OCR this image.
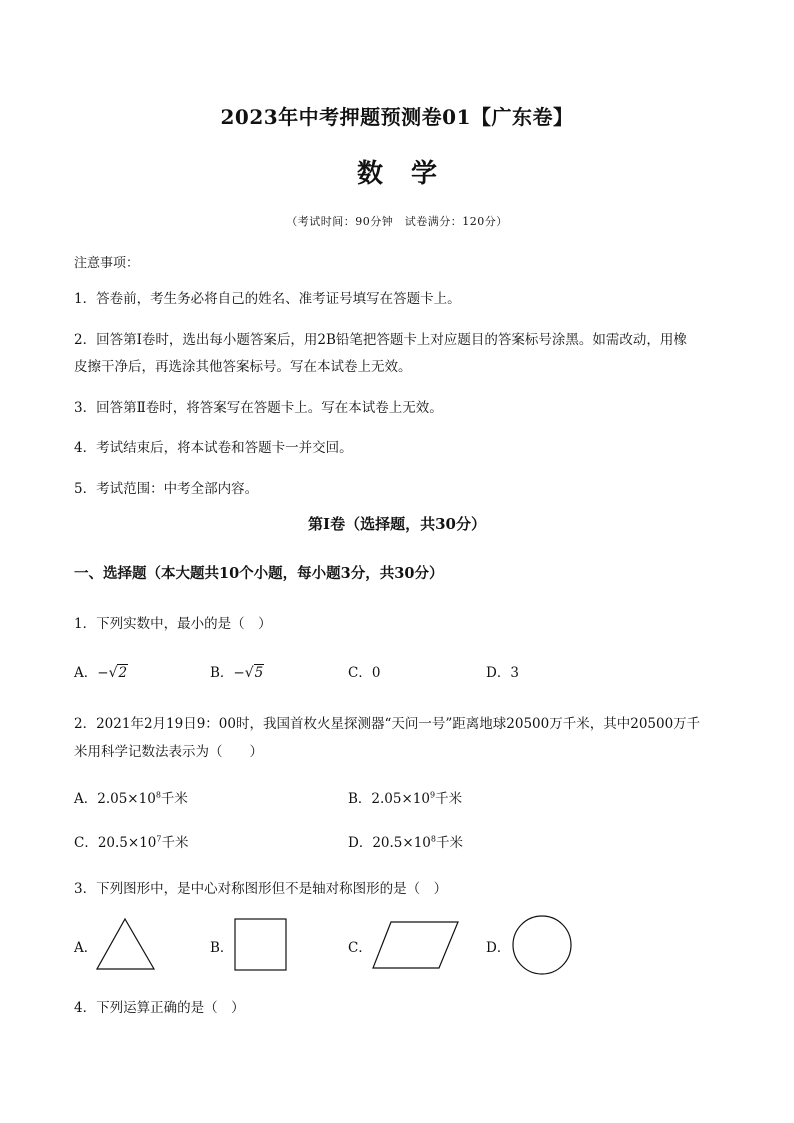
2023年中考押题预测卷01【广东卷】
数学
（考试时间：90分钟　试卷满分：120分）
注意事项：
1．答卷前，考生务必将自己的姓名、准考证号填写在答题卡上。
2．回答第Ⅰ卷时，选出每小题答案后，用2B铅笔把答题卡上对应题目的答案标号涂黑。如需改动，用橡
皮擦干净后，再选涂其他答案标号。写在本试卷上无效。
3．回答第Ⅱ卷时，将答案写在答题卡上。写在本试卷上无效。
4．考试结束后，将本试卷和答题卡一并交回。
5．考试范围：中考全部内容。
第Ⅰ卷（选择题，共30分）
一、选择题（本大题共10个小题，每小题3分，共30分）
1．下列实数中，最小的是（　）
A．−√2	B．−√5	C．0	D．3
2．2021年2月19日9：00时，我国首枚火星探测器“天问一号”距离地球20500万千米，其中20500万千
米用科学记数法表示为（　　）
A．$2.05\times 10^8$千米	B．$2.05\times 10^9$千米
C．$20.5\times 10^7$千米	D．$20.5\times 10^8$千米
3．下列图形中，是中心对称图形但不是轴对称图形的是（　）
A．	B．	C．	D．
4．下列运算正确的是（　）
